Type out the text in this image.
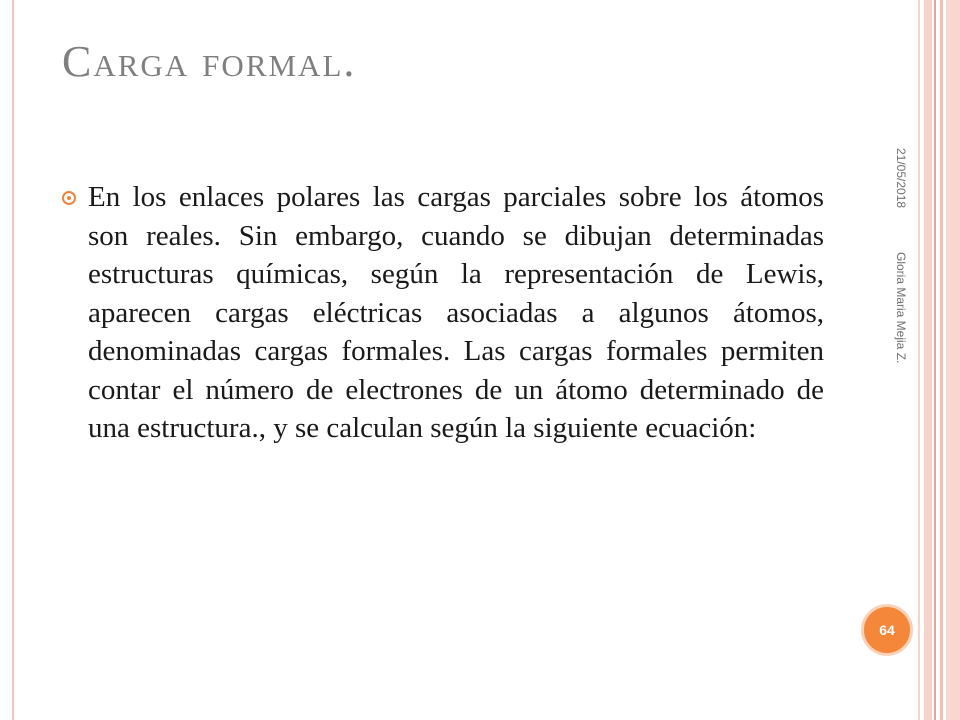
Carga formal.

En los enlaces polares las cargas parciales sobre los átomos son reales. Sin embargo, cuando se dibujan determinadas estructuras químicas, según la representación de Lewis, aparecen cargas eléctricas asociadas a algunos átomos, denominadas cargas formales. Las cargas formales permiten contar el número de electrones de un átomo determinado de una estructura., y se calculan según la siguiente ecuación:

21/05/2018
Gloria Maria Mejia Z.
64
